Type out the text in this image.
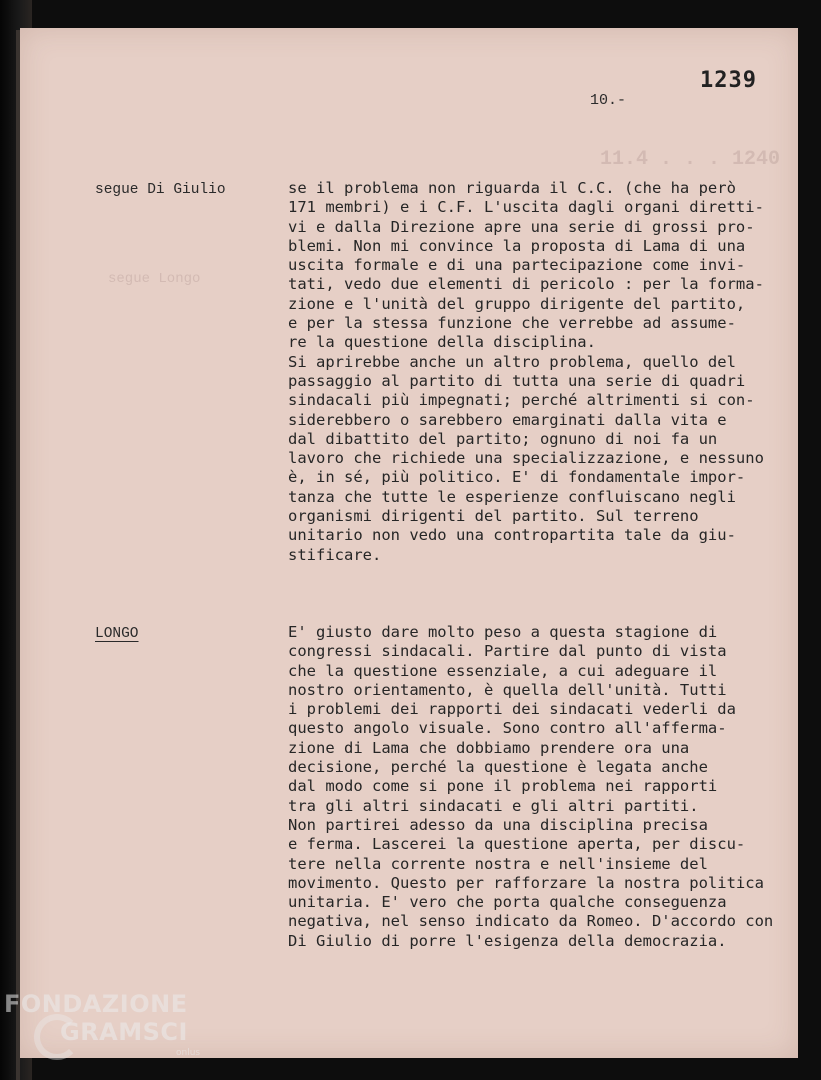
11.4 . . . 1240
segue Longo
1239
10.-
segue Di Giulio	se il problema non riguarda il C.C. (che ha però
171 membri) e i C.F. L'uscita dagli organi diretti-
vi e dalla Direzione apre una serie di grossi pro-
blemi. Non mi convince la proposta di Lama di una
uscita formale e di una partecipazione come invi-
tati, vedo due elementi di pericolo : per la forma-
zione e l'unità del gruppo dirigente del partito,
e per la stessa funzione che verrebbe ad assume-
re la questione della disciplina.
Si aprirebbe anche un altro problema, quello del
passaggio al partito di tutta una serie di quadri
sindacali più impegnati; perché altrimenti si con-
siderebbero o sarebbero emarginati dalla vita e
dal dibattito del partito; ognuno di noi fa un
lavoro che richiede una specializzazione, e nessuno
è, in sé, più politico. E' di fondamentale impor-
tanza che tutte le esperienze confluiscano negli
organismi dirigenti del partito. Sul terreno
unitario non vedo una contropartita tale da giu-
stificare.
LONGO	E' giusto dare molto peso a questa stagione di
congressi sindacali. Partire dal punto di vista
che la questione essenziale, a cui adeguare il
nostro orientamento, è quella dell'unità. Tutti
i problemi dei rapporti dei sindacati vederli da
questo angolo visuale. Sono contro all'afferma-
zione di Lama che dobbiamo prendere ora una
decisione, perché la questione è legata anche
dal modo come si pone il problema nei rapporti
tra gli altri sindacati e gli altri partiti.
Non partirei adesso da una disciplina precisa
e ferma. Lascerei la questione aperta, per discu-
tere nella corrente nostra e nell'insieme del
movimento. Questo per rafforzare la nostra politica
unitaria. E' vero che porta qualche conseguenza
negativa, nel senso indicato da Romeo. D'accordo con
Di Giulio di porre l'esigenza della democrazia.
FONDAZIONE
GRAMSCI
onlus
